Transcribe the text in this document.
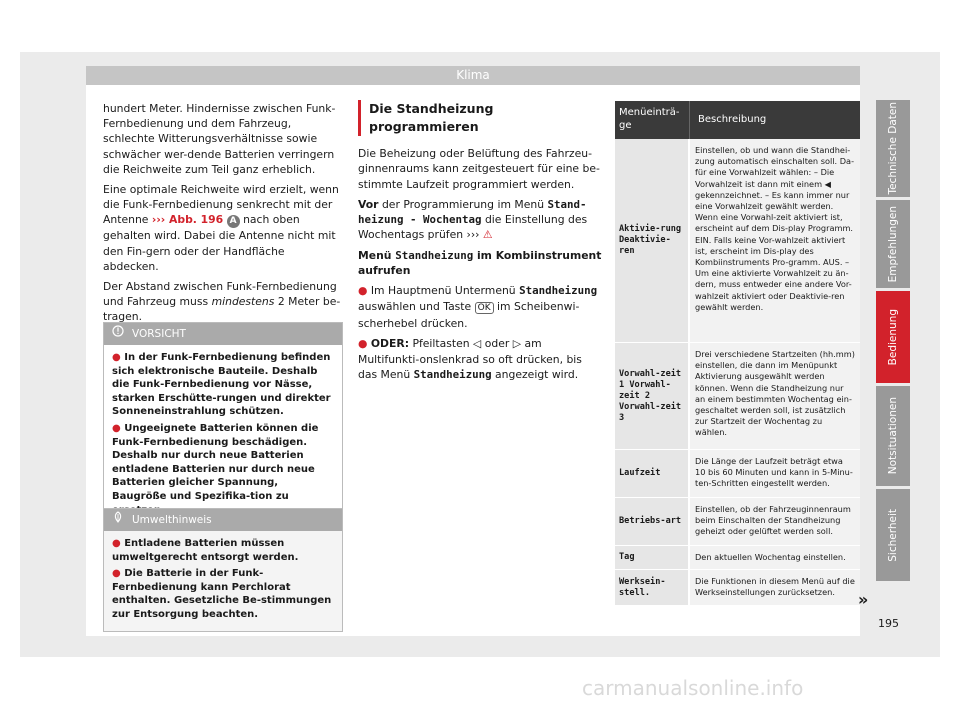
Klima

hundert Meter. Hindernisse zwischen Funk-Fernbedienung und dem Fahrzeug, schlechte Witterungsverhältnisse sowie schwächer wer-dende Batterien verringern die Reichweite zum Teil ganz erheblich.

Eine optimale Reichweite wird erzielt, wenn die Funk-Fernbedienung senkrecht mit der Antenne ››› Abb. 196 A nach oben gehalten wird. Dabei die Antenne nicht mit den Fin-gern oder der Handfläche abdecken.

Der Abstand zwischen Funk-Fernbedienung und Fahrzeug muss mindestens 2 Meter be-tragen.

VORSICHT
● In der Funk-Fernbedienung befinden sich elektronische Bauteile. Deshalb die Funk-Fernbedienung vor Nässe, starken Erschütte-rungen und direkter Sonneneinstrahlung schützen.
● Ungeeignete Batterien können die Funk-Fernbedienung beschädigen. Deshalb nur durch neue Batterien entladene Batterien nur durch neue Batterien gleicher Spannung, Baugröße und Spezifika-tion zu
Umwelthinweis
● Entladene Batterien müssen umweltgerecht entsorgt werden.
● Die Batterie in der Funk-Fernbedienung kann Perchlorat enthalten. Gesetzliche Be-stimmungen zur Entsorgung beachten.
Die Standheizung programmieren

Die Beheizung oder Belüftung des Fahrzeu-ginnenraums kann zeitgesteuert für eine be-stimmte Laufzeit programmiert werden.

Vor der Programmierung im Menü Stand-heizung - Wochentag die Einstellung des Wochentags prüfen ››› ⚠

Menü Standheizung im Kombiinstrument aufrufen

● Im Hauptmenü Untermenü Standheizung auswählen und Taste OK im Scheibenwi-scherhebel drücken.

● ODER: Pfeiltasten ◁ oder ▷ am Multifunkti-onslenkrad so oft drücken, bis das Menü Standheizung angezeigt wird.

Menüeinträ-ge
Beschreibung
Aktivie-rung Deaktivie-ren
Einstellen, ob und wann die Standhei-zung automatisch einschalten soll. Da-für eine Vorwahlzeit wählen: – Die Vorwahlzeit ist dann mit einem ◀ gekennzeichnet. – Es kann immer nur eine Vorwahlzeit gewählt werden. Wenn eine Vorwahl-zeit aktiviert ist, erscheint auf dem Dis-play Programm. EIN. Falls keine Vor-wahlzeit aktiviert ist, erscheint im Dis-play des Kombiinstruments Pro-gramm. AUS. – Um eine aktivierte Vorwahlzeit zu än-dern, muss entweder eine andere Vor-wahlzeit aktiviert oder Deaktivie-ren gewählt werden.
Vorwahl-zeit 1 Vorwahl-zeit 2 Vorwahl-zeit 3
Drei verschiedene Startzeiten (hh.mm) einstellen, die dann im Menüpunkt Aktivierung ausgewählt werden können. Wenn die Standheizung nur an einem bestimmten Wochentag ein-geschaltet werden soll, ist zusätzlich zur Startzeit der Wochentag zu wählen.
Laufzeit
Die Länge der Laufzeit beträgt etwa 10 bis 60 Minuten und kann in 5-Minu-ten-Schritten eingestellt werden.
Betriebs-art
Einstellen, ob der Fahrzeuginnenraum beim Einschalten der Standheizung geheizt oder gelüftet werden soll.
Tag	Den aktuellen Wochentag einstellen.
Werksein-stell.
Die Funktionen in diesem Menü auf die Werkseinstellungen zurücksetzen.	»
Technische Daten
Empfehlungen
Bedienung
Notsituationen
Sicherheit
195
carmanualsonline.info
